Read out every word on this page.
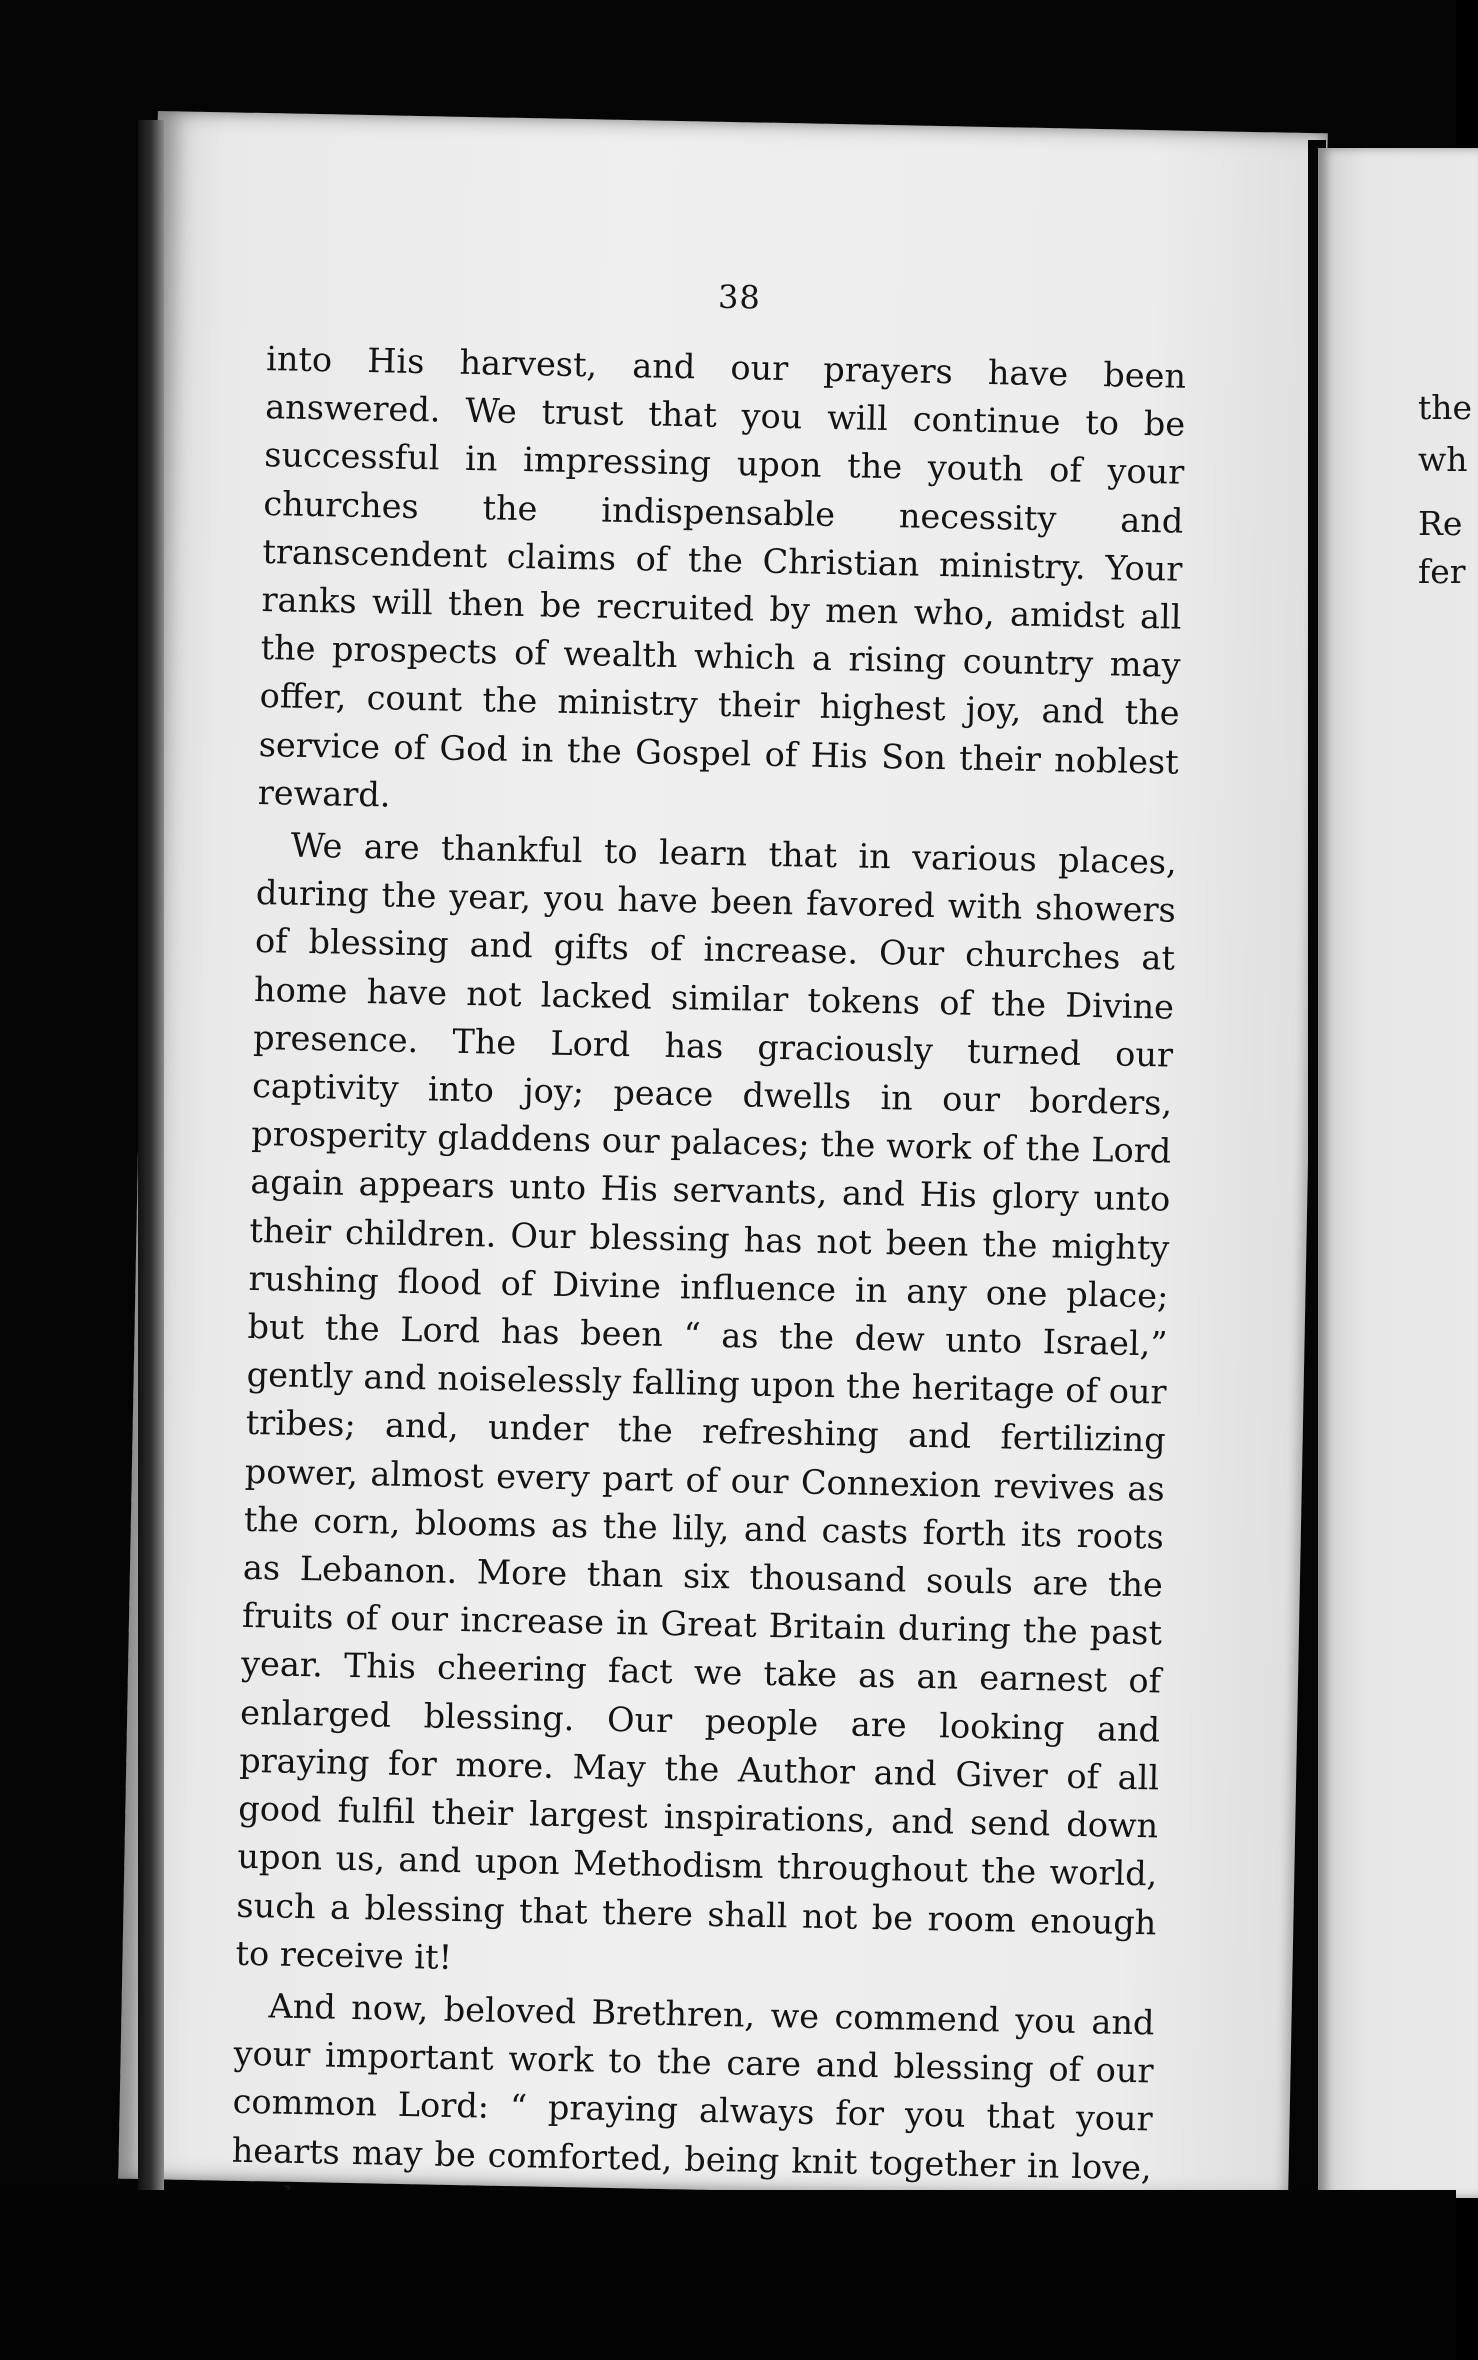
38

into His harvest, and our prayers have been answered. We trust that you will continue to be successful in impressing upon the youth of your churches the indispensable necessity and transcendent claims of the Christian ministry. Your ranks will then be recruited by men who, amidst all the prospects of wealth which a rising country may offer, count the ministry their highest joy, and the service of God in the Gospel of His Son their noblest reward.

We are thankful to learn that in various places, during the year, you have been favored with showers of blessing and gifts of increase. Our churches at home have not lacked similar tokens of the Divine presence. The Lord has graciously turned our captivity into joy; peace dwells in our borders, prosperity gladdens our palaces; the work of the Lord again appears unto His servants, and His glory unto their children. Our blessing has not been the mighty rushing flood of Divine influence in any one place; but the Lord has been “ as the dew unto Israel,” gently and noiselessly falling upon the heritage of our tribes; and, under the refreshing and fertilizing power, almost every part of our Connexion revives as the corn, blooms as the lily, and casts forth its roots as Lebanon. More than six thousand souls are the fruits of our increase in Great Britain during the past year. This cheering fact we take as an earnest of enlarged blessing. Our people are looking and praying for more. May the Author and Giver of all good fulfil their largest inspirations, and send down upon us, and upon Methodism throughout the world, such a blessing that there shall not be room enough to receive it!

And now, beloved Brethren, we commend you and your important work to the care and blessing of our common Lord: “ praying always for you that your hearts may be comforted, being knit together in love,

the
wh
Re
fer
